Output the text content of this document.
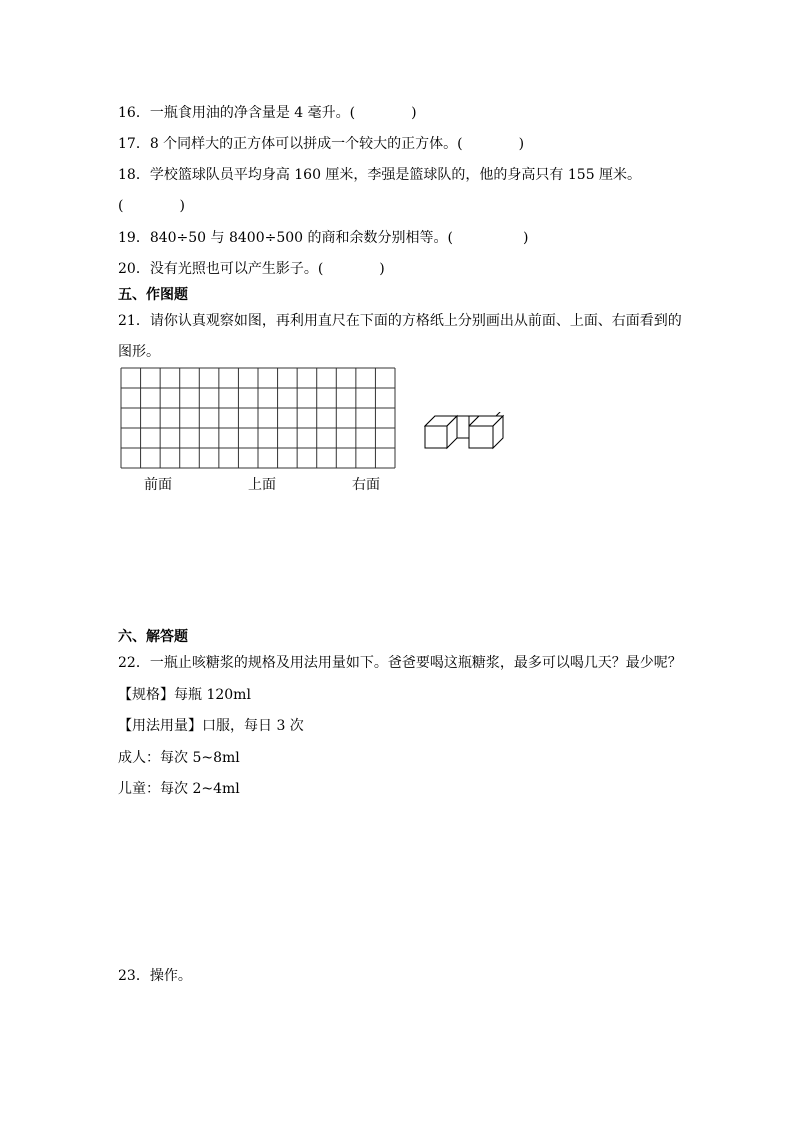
16．一瓶食用油的净含量是 4 毫升。(　　　　)
17．8 个同样大的正方体可以拼成一个较大的正方体。(　　　　)
18．学校篮球队员平均身高 160 厘米，李强是篮球队的，他的身高只有 155 厘米。
(　　　　)
19．840÷50 与 8400÷500 的商和余数分别相等。(　　　　　)
20．没有光照也可以产生影子。(　　　　)
五、作图题
21．请你认真观察如图，再利用直尺在下面的方格纸上分别画出从前面、上面、右面看到的
图形。
前面	上面	右面
六、解答题
22．一瓶止咳糖浆的规格及用法用量如下。爸爸要喝这瓶糖浆，最多可以喝几天？最少呢？
【规格】每瓶 120ml
【用法用量】口服，每日 3 次
成人：每次 5~8ml
儿童：每次 2~4ml
23．操作。
